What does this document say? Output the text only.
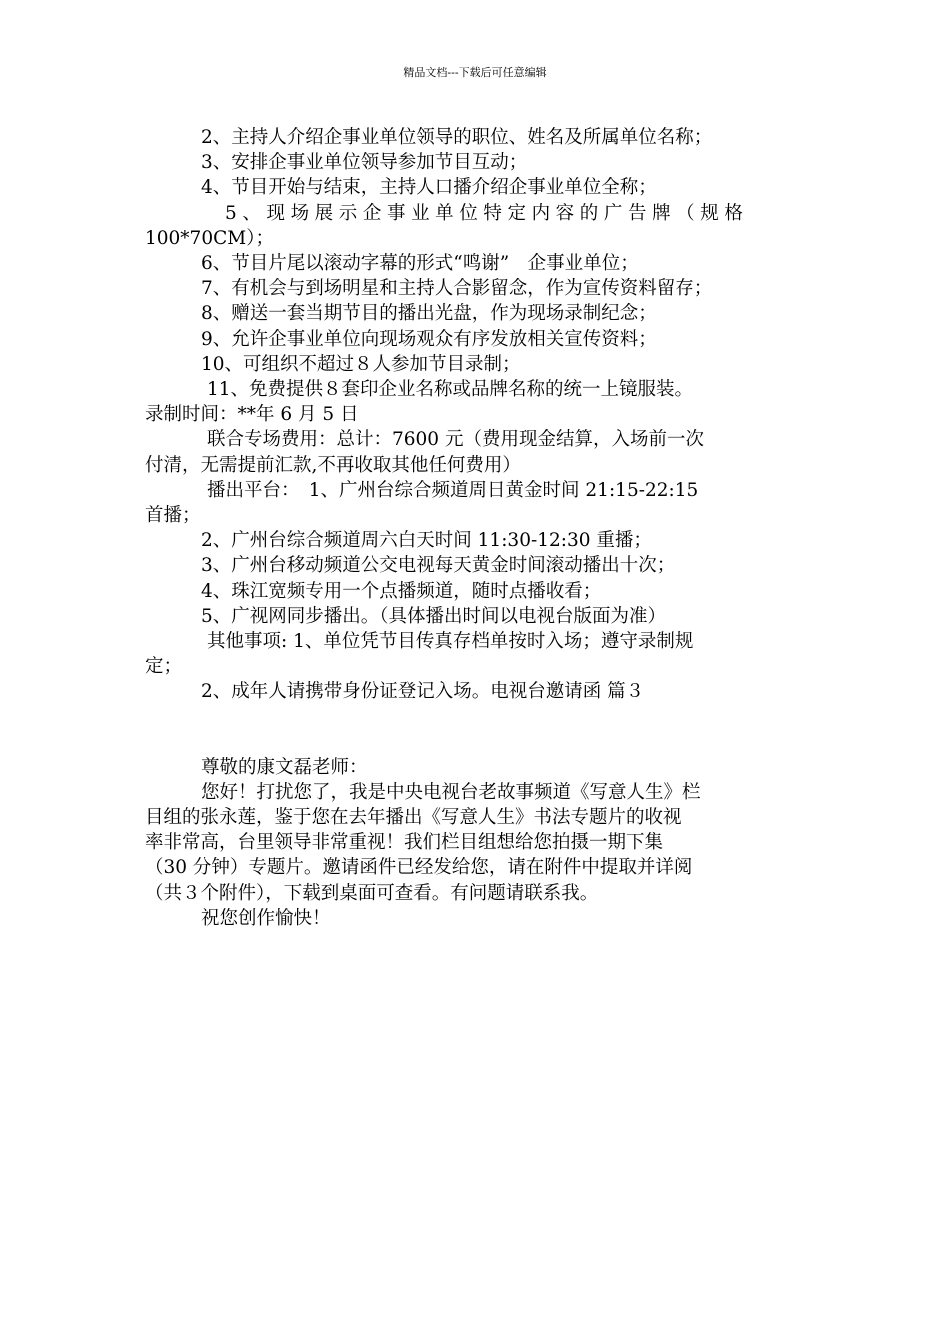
精品文档---下载后可任意编辑

2、主持人介绍企事业单位领导的职位、姓名及所属单位名称；

3、安排企事业单位领导参加节目互动；

4、节目开始与结束，主持人口播介绍企事业单位全称；

5、现场展示企事业单位特定内容的广告牌（规格

100*70CM）；

6、节目片尾以滚动字幕的形式“鸣谢”　企事业单位；

7、有机会与到场明星和主持人合影留念，作为宣传资料留存；

8、赠送一套当期节目的播出光盘，作为现场录制纪念；

9、允许企事业单位向现场观众有序发放相关宣传资料；

10、可组织不超过８人参加节目录制；

11、免费提供８套印企业名称或品牌名称的统一上镜服装。

录制时间：**年 6 月 5 日

联合专场费用：总计：7600 元（费用现金结算，入场前一次

付清，无需提前汇款,不再收取其他任何费用）

播出平台：　1、广州台综合频道周日黄金时间 21:15-22:15

首播；

2、广州台综合频道周六白天时间 11:30-12:30 重播；

3、广州台移动频道公交电视每天黄金时间滚动播出十次；

4、珠江宽频专用一个点播频道，随时点播收看；

5、广视网同步播出。（具体播出时间以电视台版面为准）

其他事项: 1、单位凭节目传真存档单按时入场；遵守录制规

定；

2、成年人请携带身份证登记入场。电视台邀请函 篇３

尊敬的康文磊老师：

您好！打扰您了，我是中央电视台老故事频道《写意人生》栏

目组的张永莲，鉴于您在去年播出《写意人生》书法专题片的收视

率非常高，台里领导非常重视！我们栏目组想给您拍摄一期下集

（30 分钟）专题片。邀请函件已经发给您，请在附件中提取并详阅

（共３个附件），下载到桌面可查看。有问题请联系我。

祝您创作愉快！
